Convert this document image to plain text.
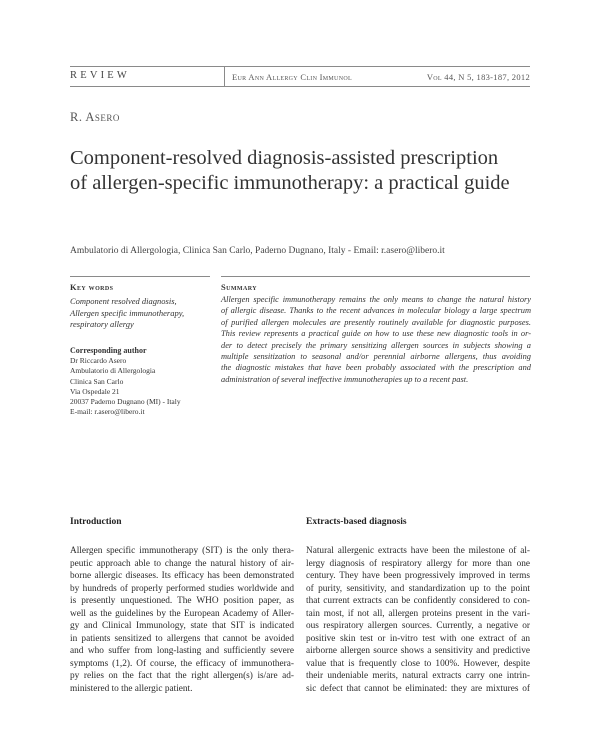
REVIEW	Eur Ann Allergy Clin Immunol	Vol 44, N 5, 183-187, 2012
R. Asero
Component-resolved diagnosis-assisted prescription
of allergen-specific immunotherapy: a practical guide
Ambulatorio di Allergologia, Clinica San Carlo, Paderno Dugnano, Italy - Email: r.asero@libero.it
Key words
Component resolved diagnosis,
Allergen specific immunotherapy,
respiratory allergy
Corresponding author
Dr Riccardo Asero
Ambulatorio di Allergologia
Clinica San Carlo
Via Ospedale 21
20037 Paderno Dugnano (MI) - Italy
E-mail: r.asero@libero.it
Summary
Allergen specific immunotherapy remains the only means to change the natural history
of allergic disease. Thanks to the recent advances in molecular biology a large spectrum
of purified allergen molecules are presently routinely available for diagnostic purposes.
This review represents a practical guide on how to use these new diagnostic tools in or-
der to detect precisely the primary sensitizing allergen sources in subjects showing a
multiple sensitization to seasonal and/or perennial airborne allergens, thus avoiding
the diagnostic mistakes that have been probably associated with the prescription and
administration of several ineffective immunotherapies up to a recent past.
Introduction
Allergen specific immunotherapy (SIT) is the only thera-
peutic approach able to change the natural history of air-
borne allergic diseases. Its efficacy has been demonstrated
by hundreds of properly performed studies worldwide and
is presently unquestioned. The WHO position paper, as
well as the guidelines by the European Academy of Aller-
gy and Clinical Immunology, state that SIT is indicated
in patients sensitized to allergens that cannot be avoided
and who suffer from long-lasting and sufficiently severe
symptoms (1,2). Of course, the efficacy of immunothera-
py relies on the fact that the right allergen(s) is/are ad-
ministered to the allergic patient.
Extracts-based diagnosis
Natural allergenic extracts have been the milestone of al-
lergy diagnosis of respiratory allergy for more than one
century. They have been progressively improved in terms
of purity, sensitivity, and standardization up to the point
that current extracts can be confidently considered to con-
tain most, if not all, allergen proteins present in the vari-
ous respiratory allergen sources. Currently, a negative or
positive skin test or in-vitro test with one extract of an
airborne allergen source shows a sensitivity and predictive
value that is frequently close to 100%. However, despite
their undeniable merits, natural extracts carry one intrin-
sic defect that cannot be eliminated: they are mixtures of
